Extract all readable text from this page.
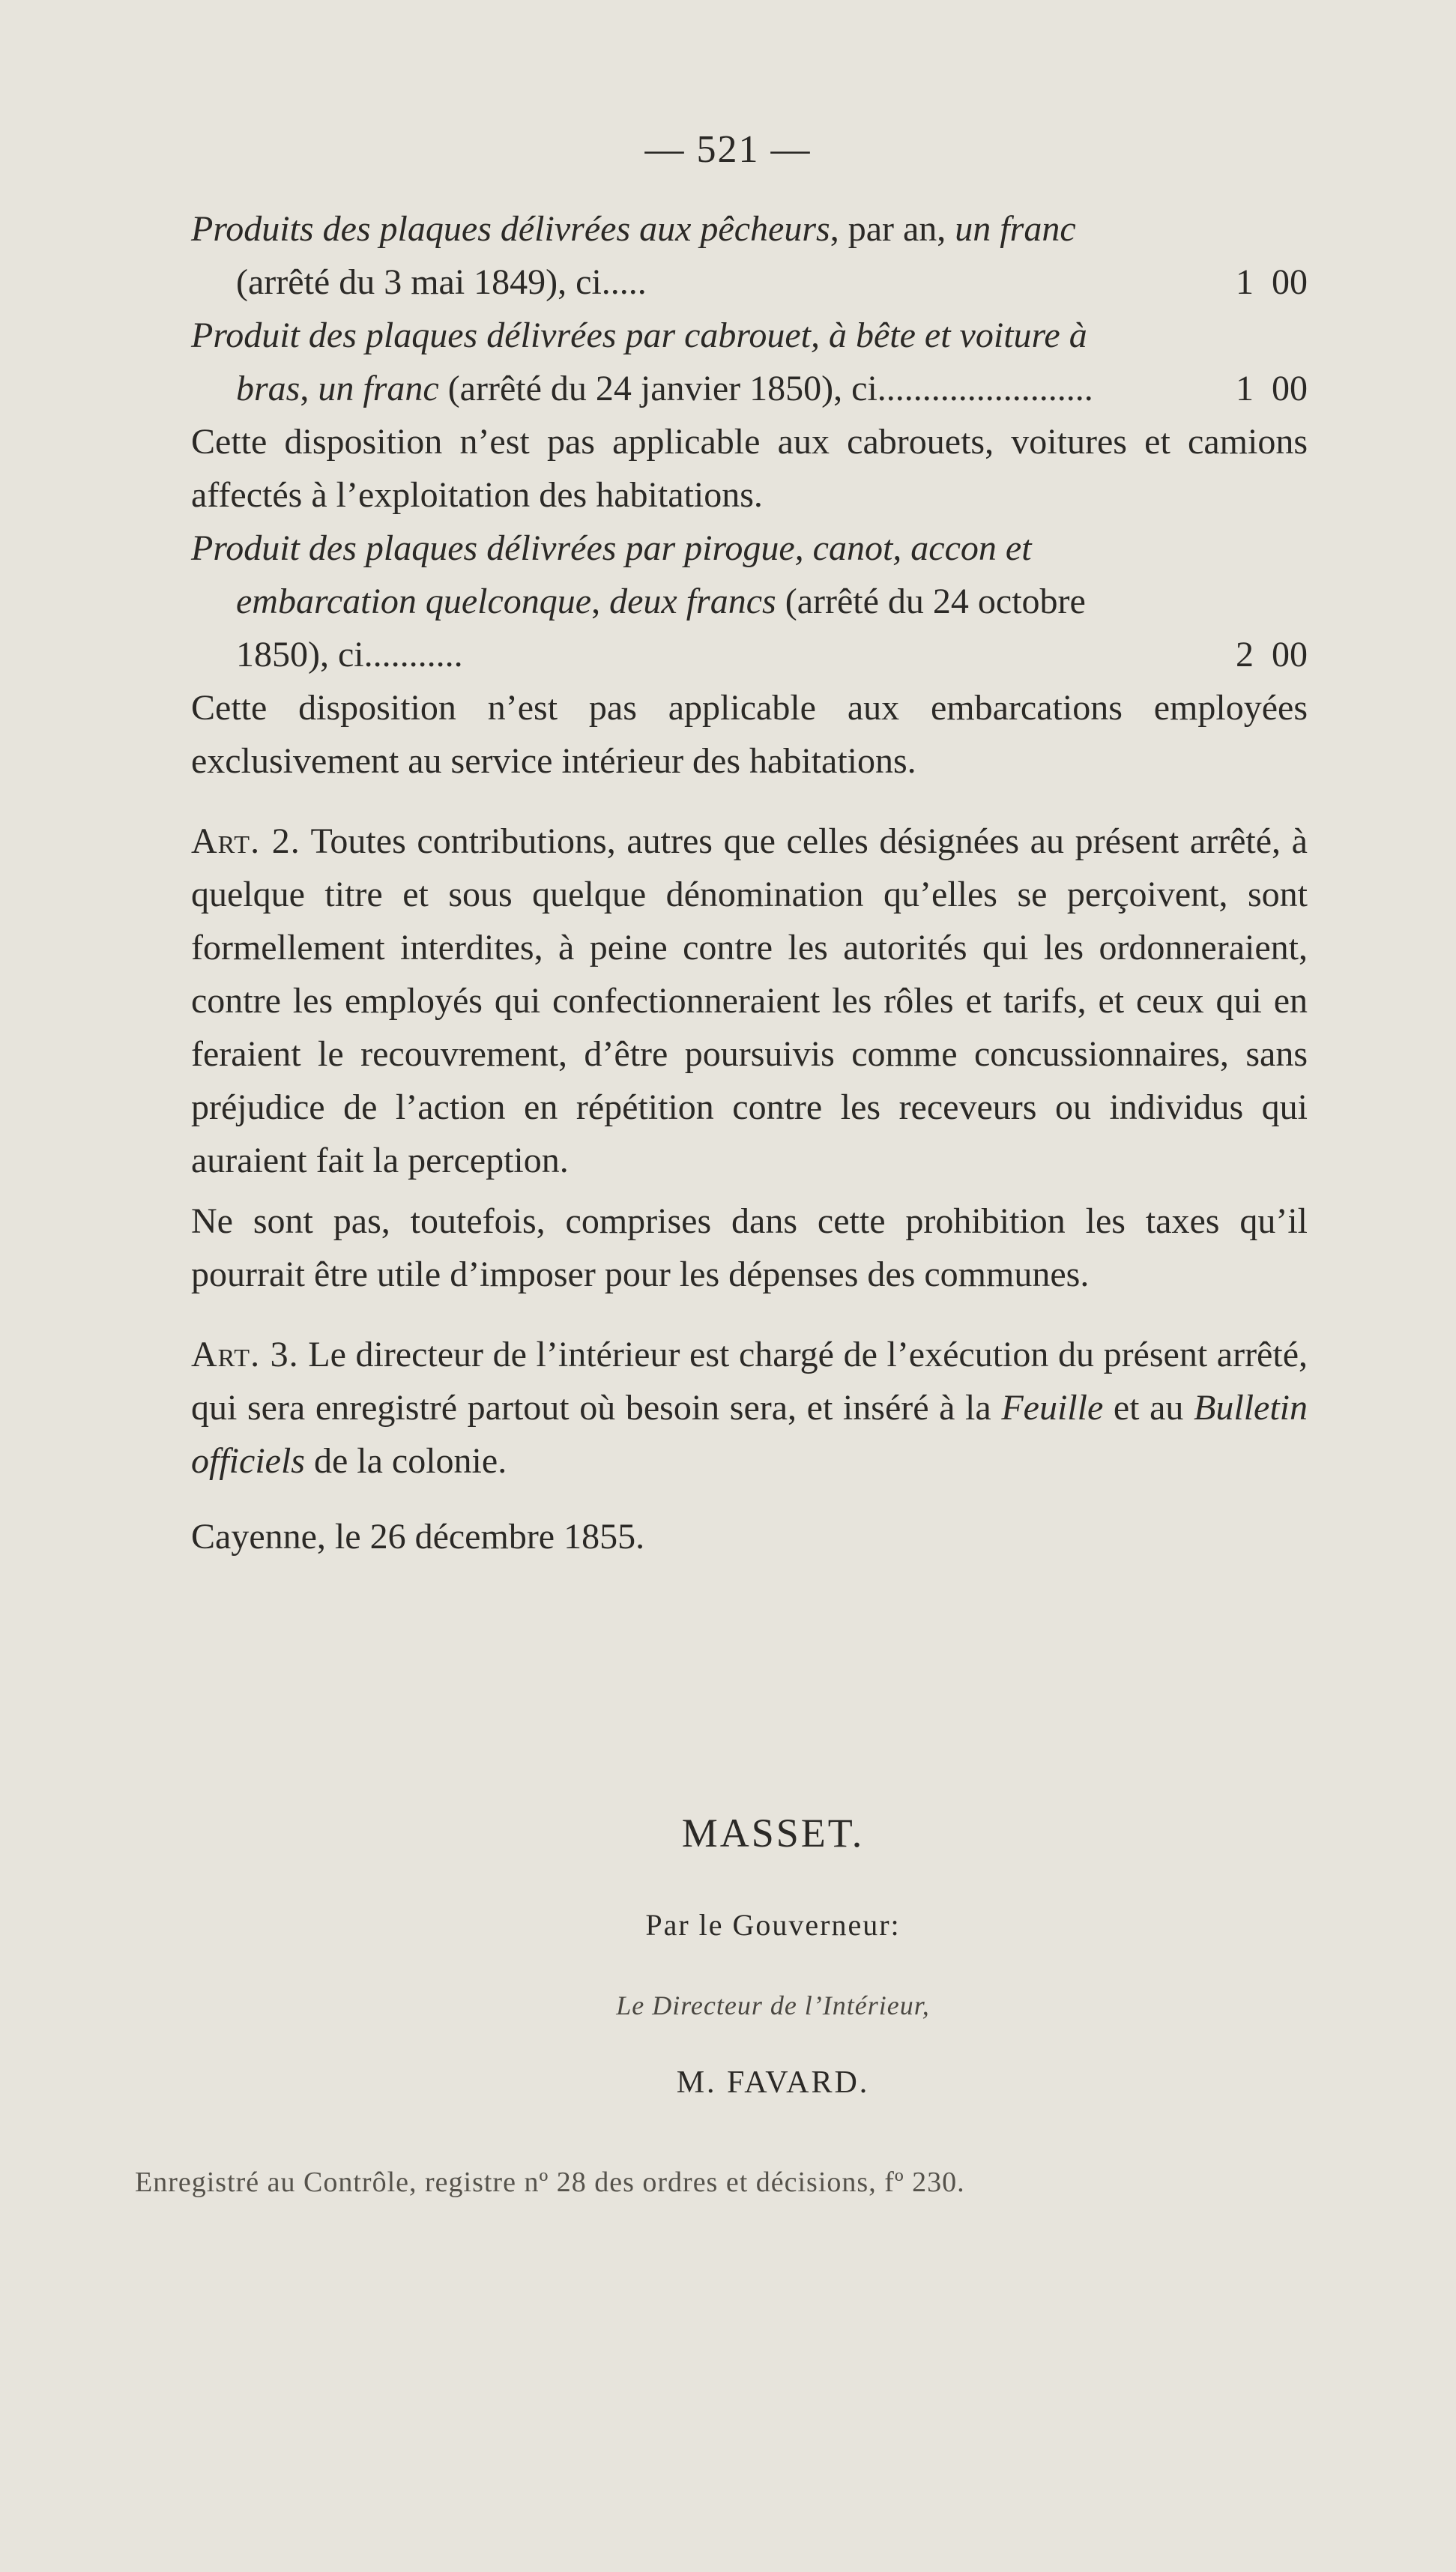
— 521 —
Produits des plaques délivrées aux pêcheurs, par an, un franc (arrêté du 3 mai 1849), ci.....	1  00
Produit des plaques délivrées par cabrouet, à bête et voiture à bras, un franc (arrêté du 24 janvier 1850), ci........................	1  00
Cette disposition n’est pas applicable aux cabrouets, voitures et camions affectés à l’exploitation des habitations.
Produit des plaques délivrées par pirogue, canot, accon et embarcation quelconque, deux francs (arrêté du 24 octobre 1850), ci...........	2  00
Cette disposition n’est pas applicable aux embarcations employées exclusivement au service intérieur des habitations.
Art. 2. Toutes contributions, autres que celles désignées au présent arrêté, à quelque titre et sous quelque dénomination qu’elles se perçoivent, sont formellement interdites, à peine contre les autorités qui les ordonneraient, contre les employés qui confectionneraient les rôles et tarifs, et ceux qui en feraient le recouvrement, d’être poursuivis comme concussionnaires, sans préjudice de l’action en répétition contre les receveurs ou individus qui auraient fait la perception.
Ne sont pas, toutefois, comprises dans cette prohibition les taxes qu’il pourrait être utile d’imposer pour les dépenses des communes.
Art. 3. Le directeur de l’intérieur est chargé de l’exécution du présent arrêté, qui sera enregistré partout où besoin sera, et inséré à la Feuille et au Bulletin officiels de la colonie.
Cayenne, le 26 décembre 1855.
MASSET.
Par le Gouverneur:
Le Directeur de l’Intérieur,
M. FAVARD.
Enregistré au Contrôle, registre nº 28 des ordres et décisions, fº 230.
